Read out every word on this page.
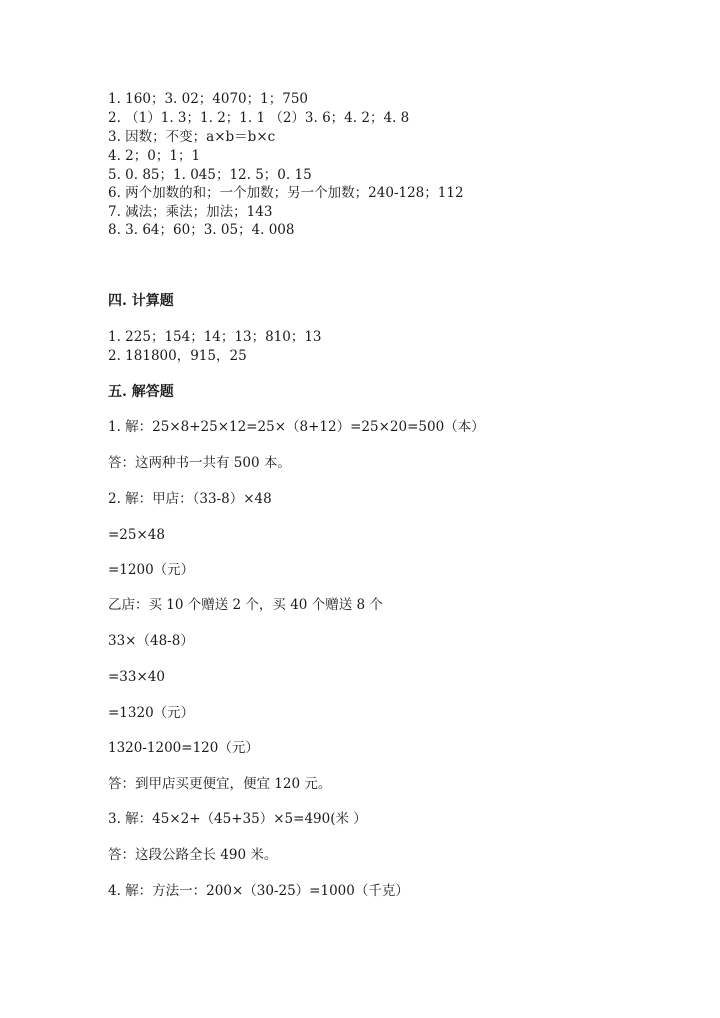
1. 160；3. 02；4070；1；750
2. （1）1. 3；1. 2；1. 1 （2）3. 6；4. 2；4. 8
3. 因数；不变；a×b＝b×c
4. 2；0；1；1
5. 0. 85；1. 045；12. 5；0. 15
6. 两个加数的和；一个加数；另一个加数；240-128；112
7. 减法；乘法；加法；143
8. 3. 64；60；3. 05；4. 008
四. 计算题
1. 225；154；14；13；810；13
2. 181800，915，25
五. 解答题
1. 解：25×8+25×12=25×（8+12）=25×20=500（本）
答：这两种书一共有 500 本。
2. 解：甲店：（33-8）×48
=25×48
=1200（元）
乙店：买 10 个赠送 2 个，买 40 个赠送 8 个
33×（48-8）
=33×40
=1320（元）
1320-1200=120（元）
答：到甲店买更便宜，便宜 120 元。
3. 解：45×2+（45+35）×5=490(米 ）
答：这段公路全长 490 米。
4. 解：方法一：200×（30-25）=1000（千克）
